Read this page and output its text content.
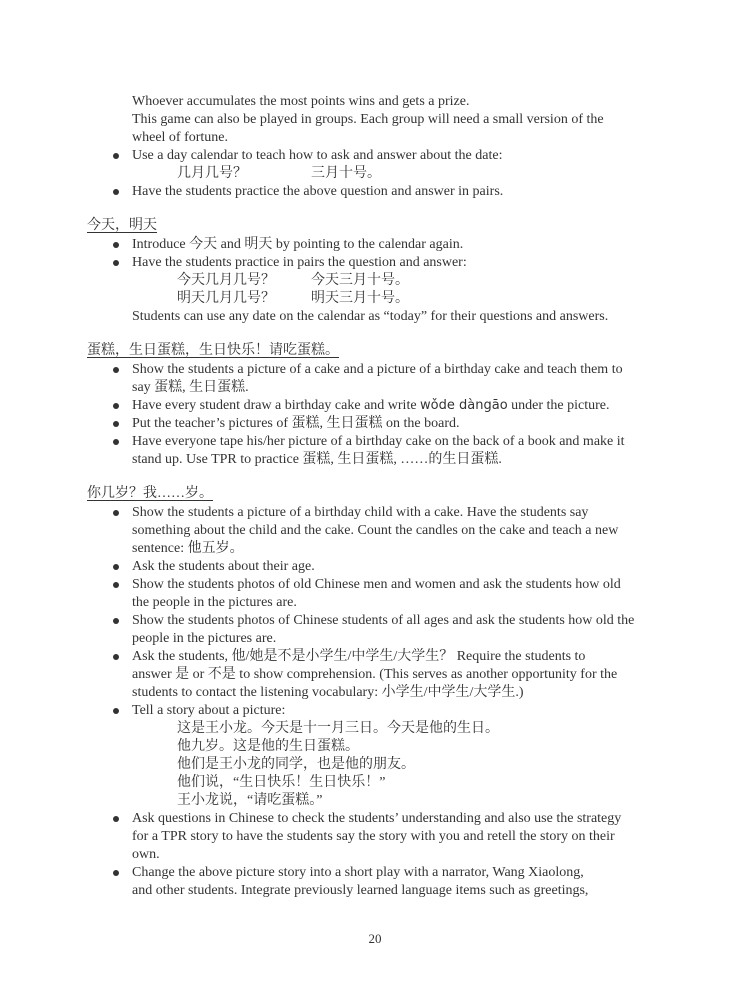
Whoever accumulates the most points wins and gets a prize.
This game can also be played in groups. Each group will need a small version of the
wheel of fortune.
Use a day calendar to teach how to ask and answer about the date:
几月几号？	三月十号。
Have the students practice the above question and answer in pairs.
今天，明天
Introduce 今天 and 明天 by pointing to the calendar again.
Have the students practice in pairs the question and answer:
今天几月几号？	今天三月十号。
明天几月几号？	明天三月十号。
Students can use any date on the calendar as “today” for their questions and answers.
蛋糕，生日蛋糕，生日快乐！请吃蛋糕。
Show the students a picture of a cake and a picture of a birthday cake and teach them to
say 蛋糕, 生日蛋糕.
Have every student draw a birthday cake and write wǒde dàngāo under the picture.
Put the teacher’s pictures of 蛋糕, 生日蛋糕 on the board.
Have everyone tape his/her picture of a birthday cake on the back of a book and make it
stand up. Use TPR to practice 蛋糕, 生日蛋糕, ……的生日蛋糕.
你几岁？我……岁。
Show the students a picture of a birthday child with a cake. Have the students say
something about the child and the cake. Count the candles on the cake and teach a new
sentence: 他五岁。
Ask the students about their age.
Show the students photos of old Chinese men and women and ask the students how old
the people in the pictures are.
Show the students photos of Chinese students of all ages and ask the students how old the
people in the pictures are.
Ask the students, 他/她是不是小学生/中学生/大学生？ Require the students to
answer 是 or 不是 to show comprehension. (This serves as another opportunity for the
students to contact the listening vocabulary: 小学生/中学生/大学生.)
Tell a story about a picture:
这是王小龙。今天是十一月三日。今天是他的生日。
他九岁。这是他的生日蛋糕。
他们是王小龙的同学，也是他的朋友。
他们说，“生日快乐！生日快乐！”
王小龙说，“请吃蛋糕。”
Ask questions in Chinese to check the students’ understanding and also use the strategy
for a TPR story to have the students say the story with you and retell the story on their
own.
Change the above picture story into a short play with a narrator, Wang Xiaolong,
and other students. Integrate previously learned language items such as greetings,
20
